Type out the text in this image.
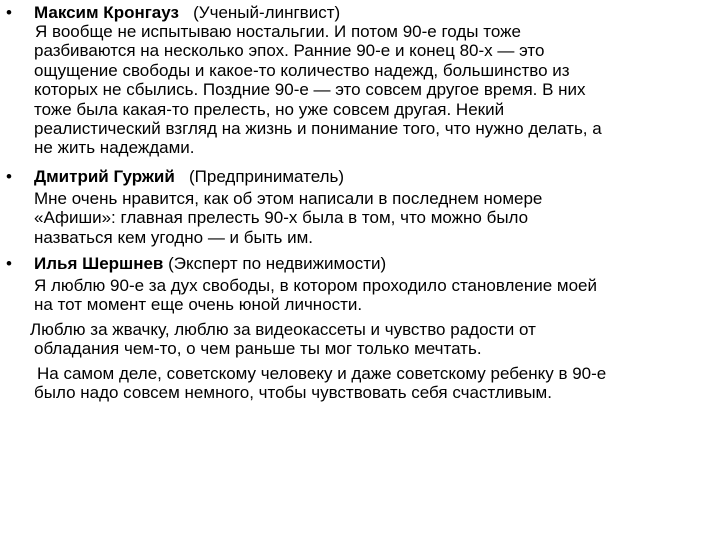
• Максим Кронгауз (Ученый-лингвист)
Я вообще не испытываю ностальгии. И потом 90-е годы тоже
разбиваются на несколько эпох. Ранние 90-е и конец 80-х — это
ощущение свободы и какое-то количество надежд, большинство из
которых не сбылись. Поздние 90-е — это совсем другое время. В них
тоже была какая-то прелесть, но уже совсем другая. Некий
реалистический взгляд на жизнь и понимание того, что нужно делать, а
не жить надеждами.
• Дмитрий Гуржий (Предприниматель)
Мне очень нравится, как об этом написали в последнем номере
«Афиши»: главная прелесть 90-х была в том, что можно было
назваться кем угодно — и быть им.
• Илья Шершнев (Эксперт по недвижимости)
Я люблю 90-е за дух свободы, в котором проходило становление моей
на тот момент еще очень юной личности.
Люблю за жвачку, люблю за видеокассеты и чувство радости от
обладания чем-то, о чем раньше ты мог только мечтать.
На самом деле, советскому человеку и даже советскому ребенку в 90-е
было надо совсем немного, чтобы чувствовать себя счастливым.
